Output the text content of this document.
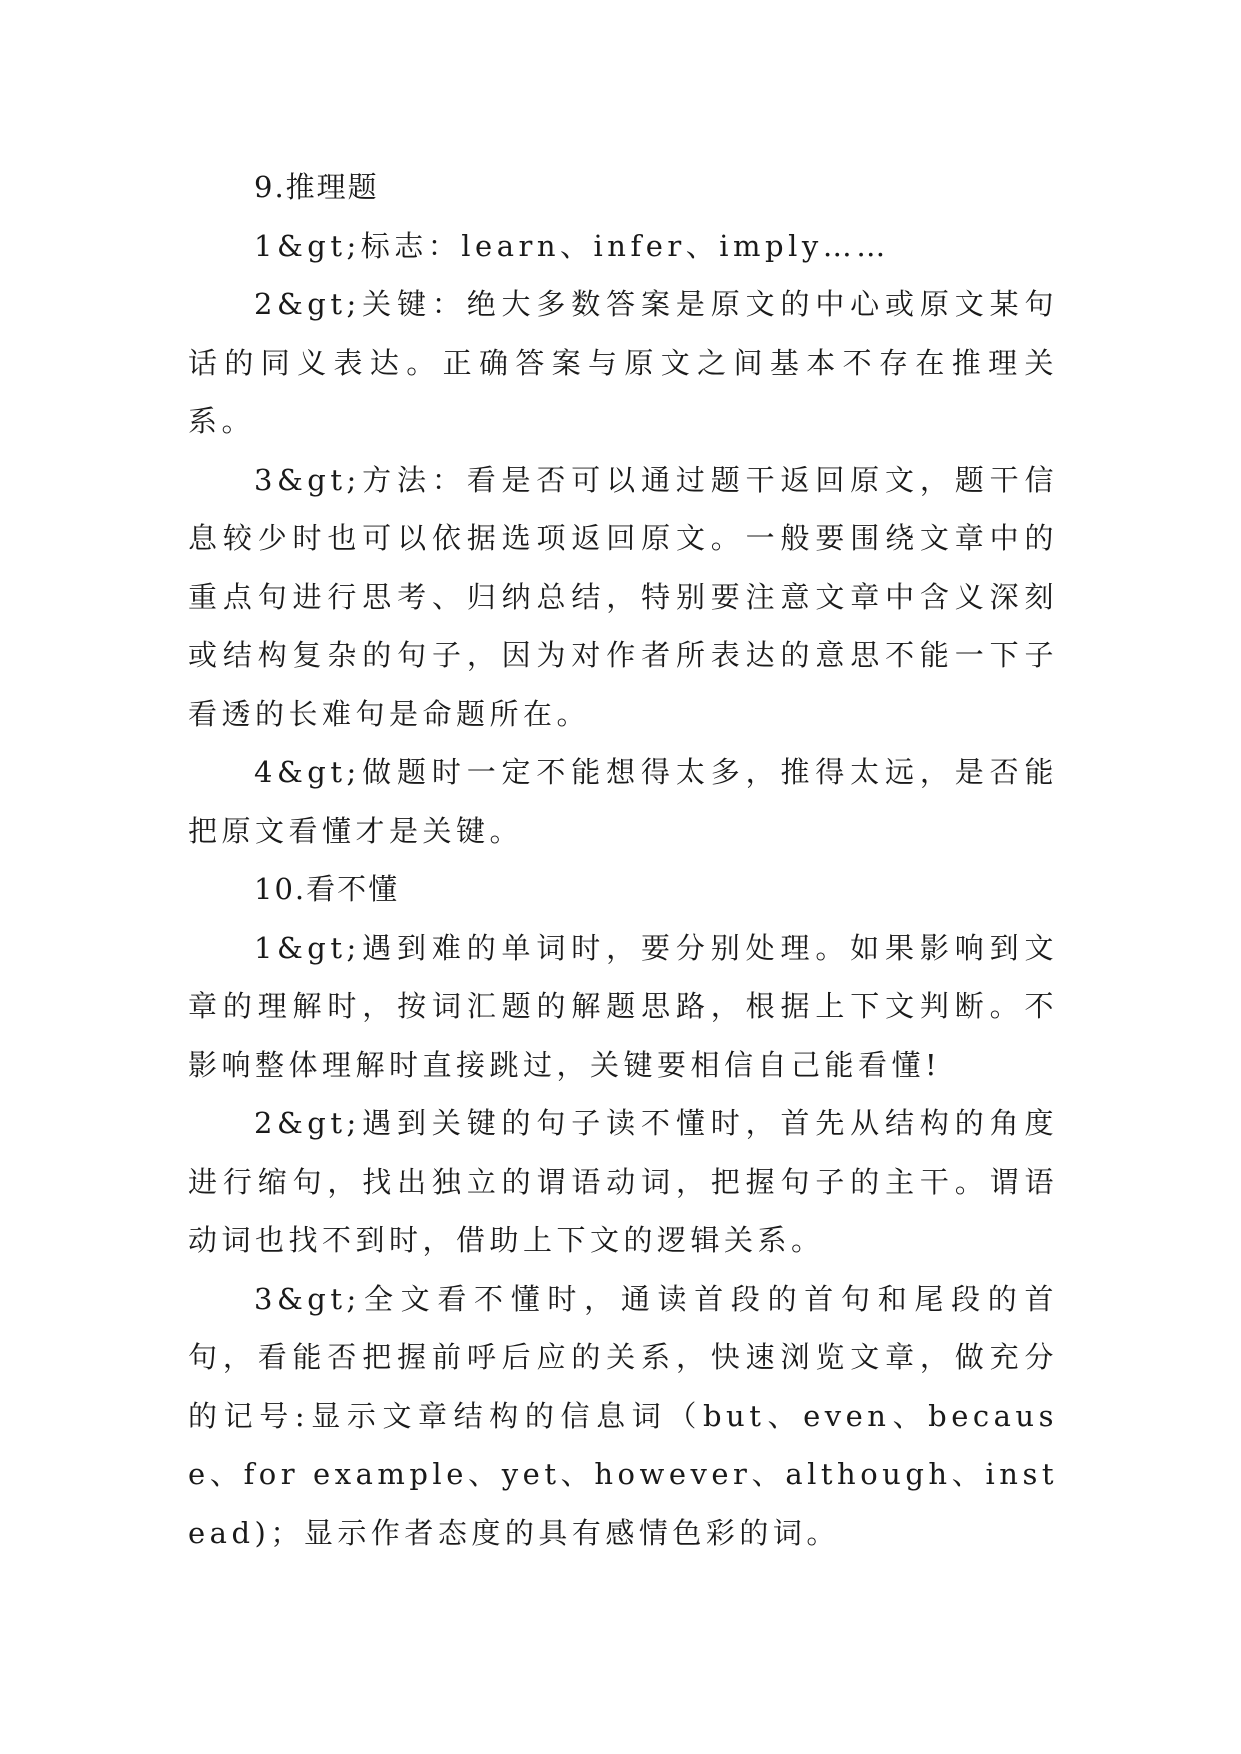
9.推理题

1&gt;标志：learn、infer、imply……

2&gt;关键：绝大多数答案是原文的中心或原文某句话的同义表达。正确答案与原文之间基本不存在推理关系。

3&gt;方法：看是否可以通过题干返回原文，题干信息较少时也可以依据选项返回原文。一般要围绕文章中的重点句进行思考、归纳总结，特别要注意文章中含义深刻或结构复杂的句子，因为对作者所表达的意思不能一下子看透的长难句是命题所在。

4&gt;做题时一定不能想得太多，推得太远，是否能把原文看懂才是关键。

10.看不懂

1&gt;遇到难的单词时，要分别处理。如果影响到文章的理解时，按词汇题的解题思路，根据上下文判断。不影响整体理解时直接跳过，关键要相信自己能看懂!

2&gt;遇到关键的句子读不懂时，首先从结构的角度进行缩句，找出独立的谓语动词，把握句子的主干。谓语动词也找不到时，借助上下文的逻辑关系。

3&gt;全文看不懂时，通读首段的首句和尾段的首句，看能否把握前呼后应的关系，快速浏览文章，做充分的记号:显示文章结构的信息词（but、even、because、for example、yet、however、although、instead)；显示作者态度的具有感情色彩的词。
